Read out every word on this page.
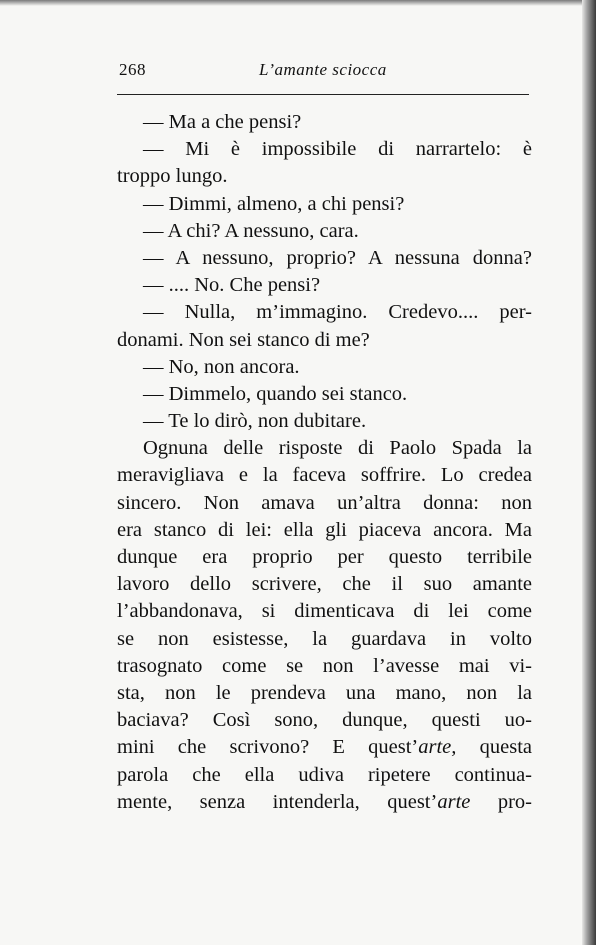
268	L’amante sciocca
— Ma a che pensi?
— Mi è impossibile di narrartelo: è
troppo lungo.
— Dimmi, almeno, a chi pensi?
— A chi? A nessuno, cara.
— A nessuno, proprio? A nessuna donna?
— .... No. Che pensi?
— Nulla, m’immagino. Credevo.... per-
donami. Non sei stanco di me?
— No, non ancora.
— Dimmelo, quando sei stanco.
— Te lo dirò, non dubitare.
Ognuna delle risposte di Paolo Spada la
meravigliava e la faceva soffrire. Lo credea
sincero. Non amava un’altra donna: non
era stanco di lei: ella gli piaceva ancora. Ma
dunque era proprio per questo terribile
lavoro dello scrivere, che il suo amante
l’abbandonava, si dimenticava di lei come
se non esistesse, la guardava in volto
trasognato come se non l’avesse mai vi-
sta, non le prendeva una mano, non la
baciava? Così sono, dunque, questi uo-
mini che scrivono? E quest’arte, questa
parola che ella udiva ripetere continua-
mente, senza intenderla, quest’arte pro-
